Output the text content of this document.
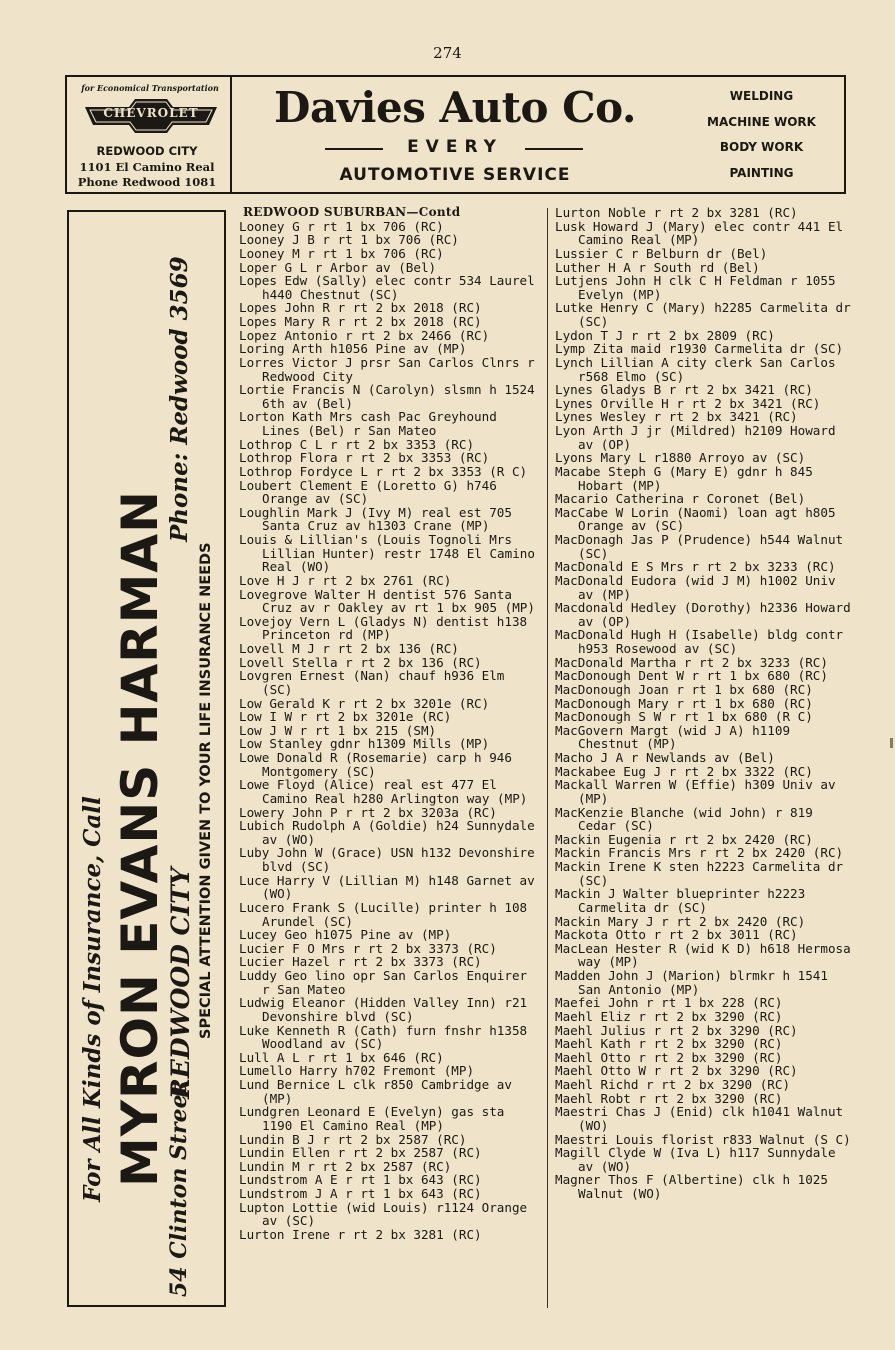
274
for Economical Transportation
CHEVROLET
REDWOOD CITY
1101 El Camino Real
Phone Redwood 1081
Davies Auto Co.
EVERY
AUTOMOTIVE SERVICE
WELDING
MACHINE WORK
BODY WORK
PAINTING
For All Kinds of Insurance, Call MYRON EVANS HARMAN
REDWOOD CITY
Phone: Redwood 3569
54 Clinton Street
SPECIAL ATTENTION GIVEN TO YOUR LIFE INSURANCE NEEDS
REDWOOD SUBURBAN—Contd
Looney G r rt 1 bx 706 (RC)
Looney J B r rt 1 bx 706 (RC)
Looney M r rt 1 bx 706 (RC)
Loper G L r Arbor av (Bel)
Lopes Edw (Sally) elec contr 534 Laurel h440 Chestnut (SC)
Lopes John R r rt 2 bx 2018 (RC)
Lopes Mary R r rt 2 bx 2018 (RC)
Lopez Antonio r rt 2 bx 2466 (RC)
Loring Arth h1056 Pine av (MP)
Lorres Victor J prsr San Carlos Clnrs r Redwood City
Lortie Francis N (Carolyn) slsmn h 1524 6th av (Bel)
Lorton Kath Mrs cash Pac Greyhound Lines (Bel) r San Mateo
Lothrop C L r rt 2 bx 3353 (RC)
Lothrop Flora r rt 2 bx 3353 (RC)
Lothrop Fordyce L r rt 2 bx 3353 (R C)
Loubert Clement E (Loretto G) h746 Orange av (SC)
Loughlin Mark J (Ivy M) real est 705 Santa Cruz av h1303 Crane (MP)
Louis & Lillian's (Louis Tognoli Mrs Lillian Hunter) restr 1748 El Camino Real (WO)
Love H J r rt 2 bx 2761 (RC)
Lovegrove Walter H dentist 576 Santa Cruz av r Oakley av rt 1 bx 905 (MP)
Lovejoy Vern L (Gladys N) dentist h138 Princeton rd (MP)
Lovell M J r rt 2 bx 136 (RC)
Lovell Stella r rt 2 bx 136 (RC)
Lovgren Ernest (Nan) chauf h936 Elm (SC)
Low Gerald K r rt 2 bx 3201e (RC)
Low I W r rt 2 bx 3201e (RC)
Low J W r rt 1 bx 215 (SM)
Low Stanley gdnr h1309 Mills (MP)
Lowe Donald R (Rosemarie) carp h 946 Montgomery (SC)
Lowe Floyd (Alice) real est 477 El Camino Real h280 Arlington way (MP)
Lowery John P r rt 2 bx 3203a (RC)
Lubich Rudolph A (Goldie) h24 Sunnydale av (WO)
Luby John W (Grace) USN h132 Devonshire blvd (SC)
Luce Harry V (Lillian M) h148 Garnet av (WO)
Lucero Frank S (Lucille) printer h 108 Arundel (SC)
Lucey Geo h1075 Pine av (MP)
Lucier F O Mrs r rt 2 bx 3373 (RC)
Lucier Hazel r rt 2 bx 3373 (RC)
Luddy Geo lino opr San Carlos Enquirer r San Mateo
Ludwig Eleanor (Hidden Valley Inn) r21 Devonshire blvd (SC)
Luke Kenneth R (Cath) furn fnshr h1358 Woodland av (SC)
Lull A L r rt 1 bx 646 (RC)
Lumello Harry h702 Fremont (MP)
Lund Bernice L clk r850 Cambridge av (MP)
Lundgren Leonard E (Evelyn) gas sta 1190 El Camino Real (MP)
Lundin B J r rt 2 bx 2587 (RC)
Lundin Ellen r rt 2 bx 2587 (RC)
Lundin M r rt 2 bx 2587 (RC)
Lundstrom A E r rt 1 bx 643 (RC)
Lundstrom J A r rt 1 bx 643 (RC)
Lupton Lottie (wid Louis) r1124 Orange av (SC)
Lurton Irene r rt 2 bx 3281 (RC)
Lurton Noble r rt 2 bx 3281 (RC)
Lusk Howard J (Mary) elec contr 441 El Camino Real (MP)
Lussier C r Belburn dr (Bel)
Luther H A r South rd (Bel)
Lutjens John H clk C H Feldman r 1055 Evelyn (MP)
Lutke Henry C (Mary) h2285 Carmelita dr (SC)
Lydon T J r rt 2 bx 2809 (RC)
Lymp Zita maid r1930 Carmelita dr (SC)
Lynch Lillian A city clerk San Carlos r568 Elmo (SC)
Lynes Gladys B r rt 2 bx 3421 (RC)
Lynes Orville H r rt 2 bx 3421 (RC)
Lynes Wesley r rt 2 bx 3421 (RC)
Lyon Arth J jr (Mildred) h2109 Howard av (OP)
Lyons Mary L r1880 Arroyo av (SC)
Macabe Steph G (Mary E) gdnr h 845 Hobart (MP)
Macario Catherina r Coronet (Bel)
MacCabe W Lorin (Naomi) loan agt h805 Orange av (SC)
MacDonagh Jas P (Prudence) h544 Walnut (SC)
MacDonald E S Mrs r rt 2 bx 3233 (RC)
MacDonald Eudora (wid J M) h1002 Univ av (MP)
Macdonald Hedley (Dorothy) h2336 Howard av (OP)
MacDonald Hugh H (Isabelle) bldg contr h953 Rosewood av (SC)
MacDonald Martha r rt 2 bx 3233 (RC)
MacDonough Dent W r rt 1 bx 680 (RC)
MacDonough Joan r rt 1 bx 680 (RC)
MacDonough Mary r rt 1 bx 680 (RC)
MacDonough S W r rt 1 bx 680 (R C)
MacGovern Margt (wid J A) h1109 Chestnut (MP)
Macho J A r Newlands av (Bel)
Mackabee Eug J r rt 2 bx 3322 (RC)
Mackall Warren W (Effie) h309 Univ av (MP)
MacKenzie Blanche (wid John) r 819 Cedar (SC)
Mackin Eugenia r rt 2 bx 2420 (RC)
Mackin Francis Mrs r rt 2 bx 2420 (RC)
Mackin Irene K sten h2223 Carmelita dr (SC)
Mackin J Walter blueprinter h2223 Carmelita dr (SC)
Mackin Mary J r rt 2 bx 2420 (RC)
Mackota Otto r rt 2 bx 3011 (RC)
MacLean Hester R (wid K D) h618 Hermosa way (MP)
Madden John J (Marion) blrmkr h 1541 San Antonio (MP)
Maefei John r rt 1 bx 228 (RC)
Maehl Eliz r rt 2 bx 3290 (RC)
Maehl Julius r rt 2 bx 3290 (RC)
Maehl Kath r rt 2 bx 3290 (RC)
Maehl Otto r rt 2 bx 3290 (RC)
Maehl Otto W r rt 2 bx 3290 (RC)
Maehl Richd r rt 2 bx 3290 (RC)
Maehl Robt r rt 2 bx 3290 (RC)
Maestri Chas J (Enid) clk h1041 Walnut (WO)
Maestri Louis florist r833 Walnut (S C)
Magill Clyde W (Iva L) h117 Sunnydale av (WO)
Magner Thos F (Albertine) clk h 1025 Walnut (WO)
